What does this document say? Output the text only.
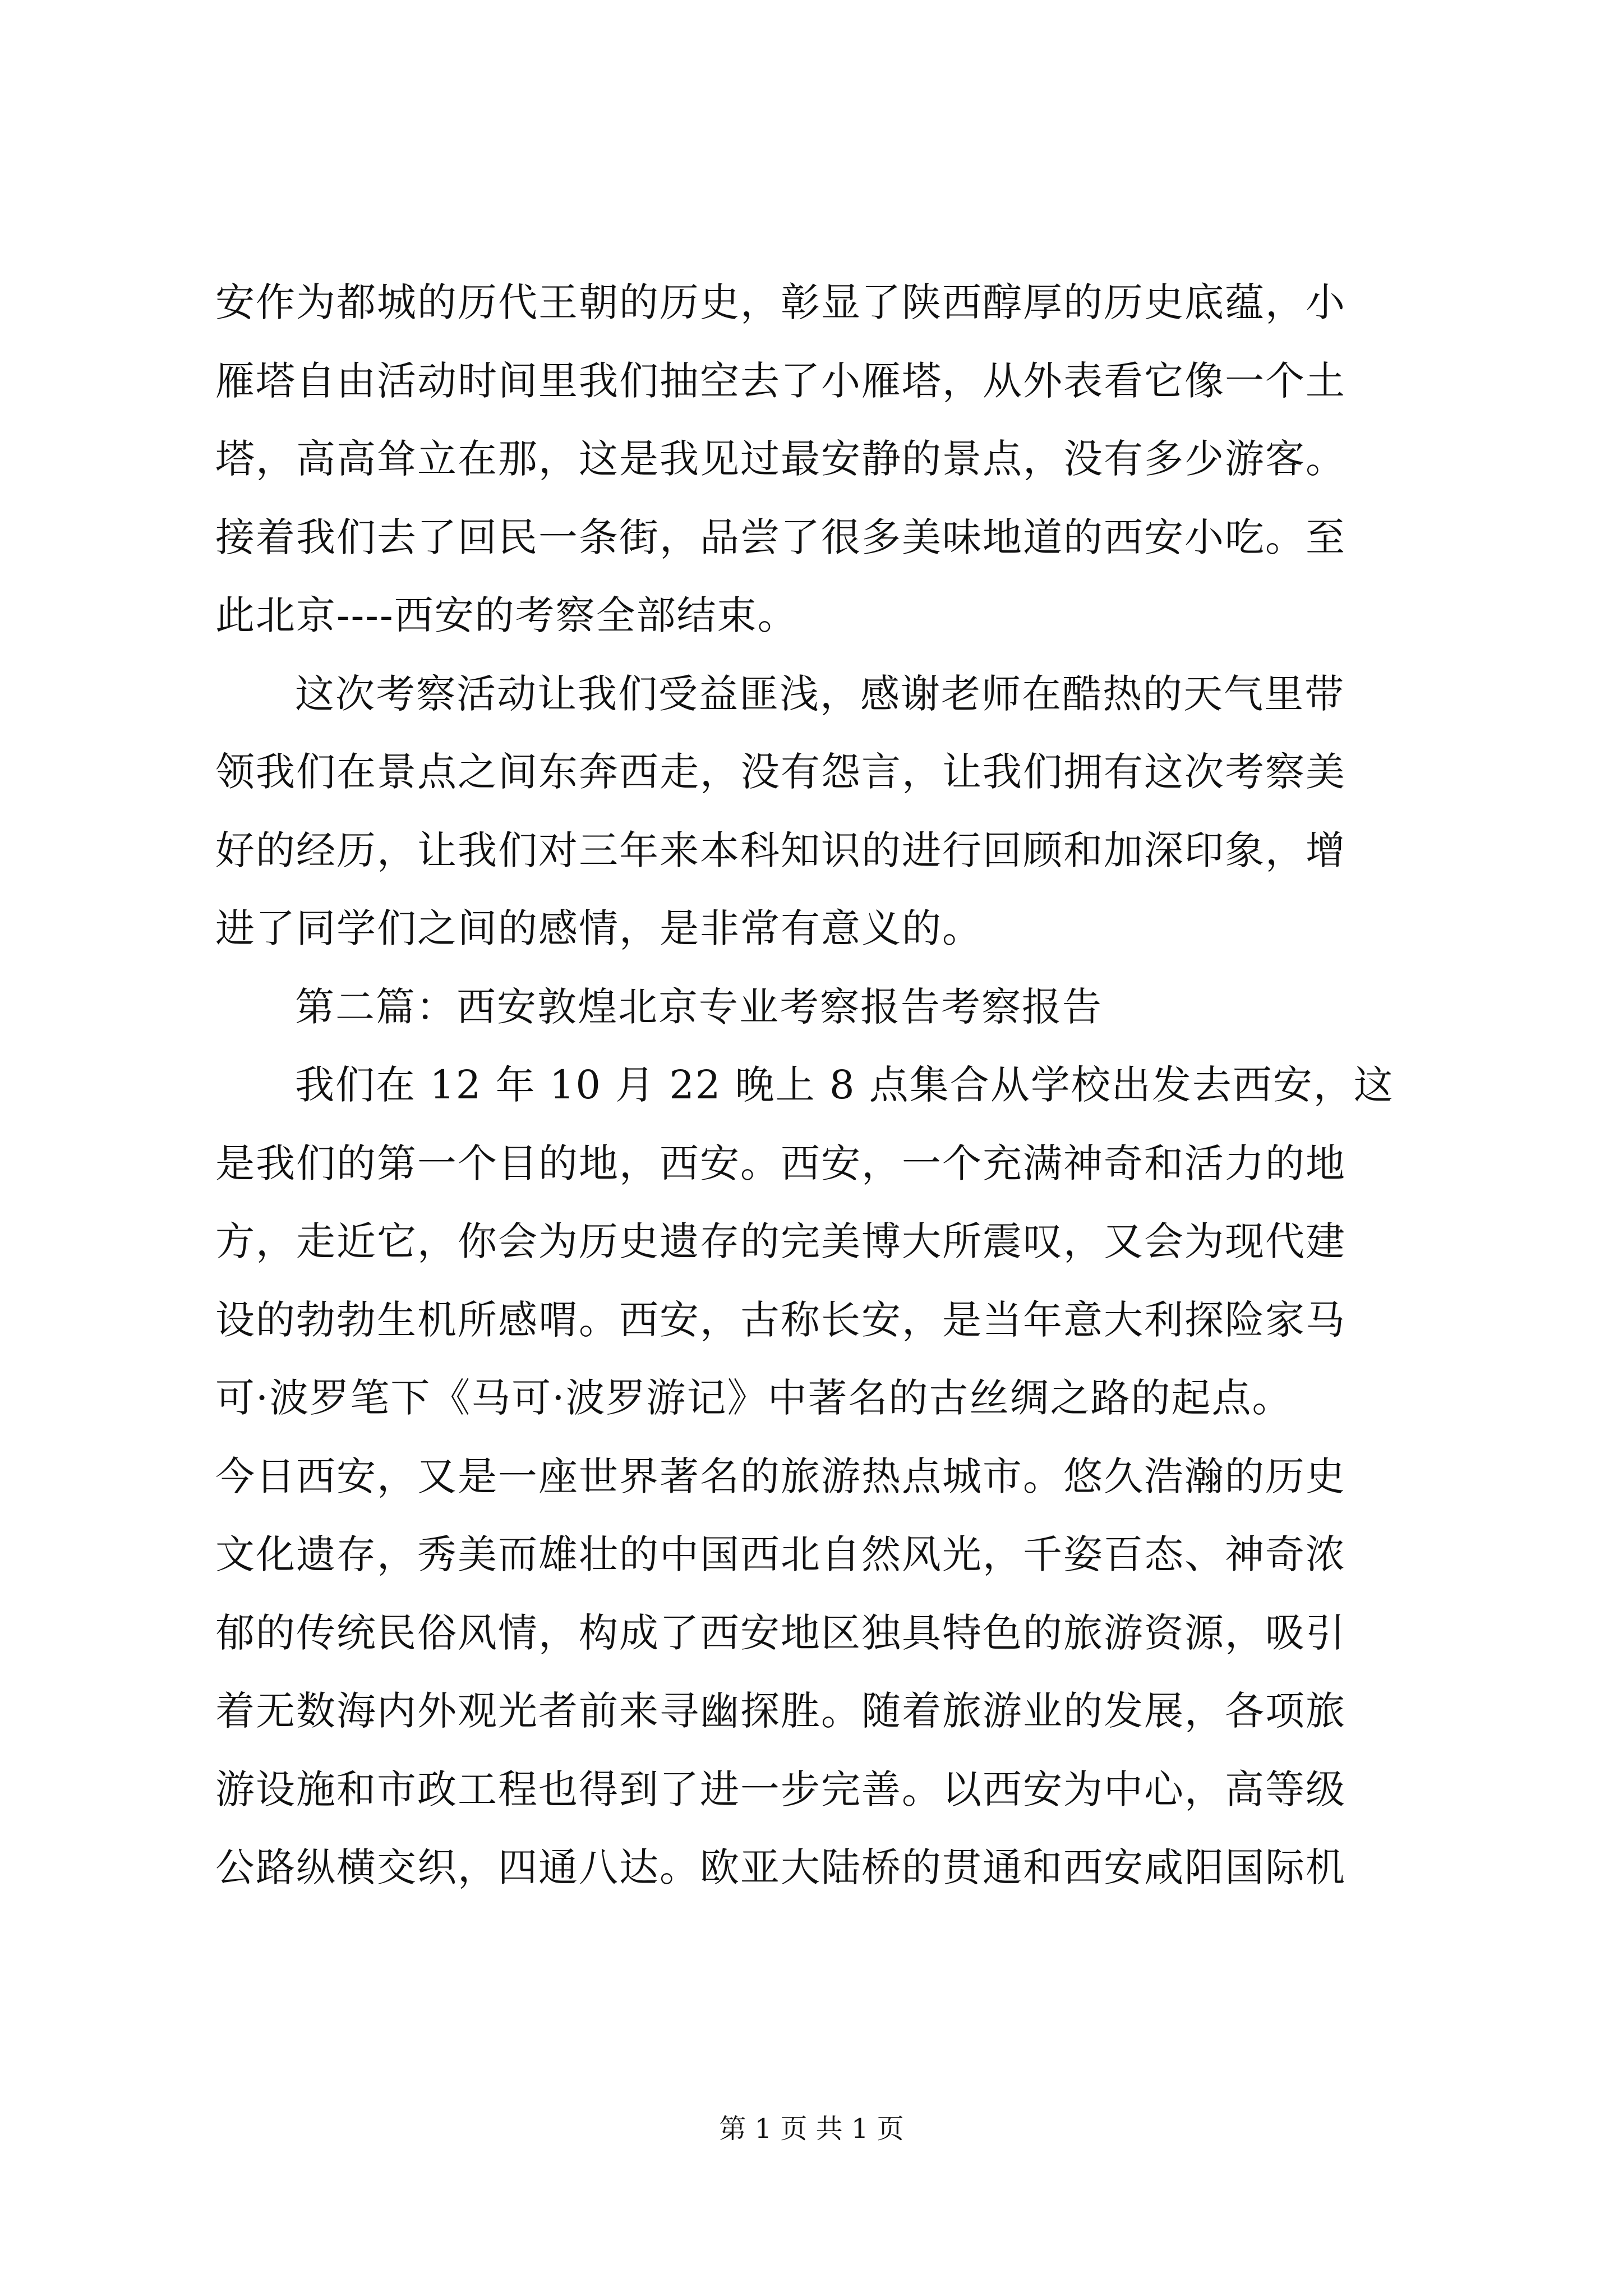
安作为都城的历代王朝的历史，彰显了陕西醇厚的历史底蕴，小
雁塔自由活动时间里我们抽空去了小雁塔，从外表看它像一个土
塔，高高耸立在那，这是我见过最安静的景点，没有多少游客。
接着我们去了回民一条街，品尝了很多美味地道的西安小吃。至
此北京----西安的考察全部结束。
这次考察活动让我们受益匪浅，感谢老师在酷热的天气里带
领我们在景点之间东奔西走，没有怨言，让我们拥有这次考察美
好的经历，让我们对三年来本科知识的进行回顾和加深印象，增
进了同学们之间的感情，是非常有意义的。
第二篇：西安敦煌北京专业考察报告考察报告
我们在 12 年 10 月 22 晚上 8 点集合从学校出发去西安，这
是我们的第一个目的地，西安。西安，一个充满神奇和活力的地
方，走近它，你会为历史遗存的完美博大所震叹，又会为现代建
设的勃勃生机所感喟。西安，古称长安，是当年意大利探险家马
可·波罗笔下《马可·波罗游记》中著名的古丝绸之路的起点。
今日西安，又是一座世界著名的旅游热点城市。悠久浩瀚的历史
文化遗存，秀美而雄壮的中国西北自然风光，千姿百态、神奇浓
郁的传统民俗风情，构成了西安地区独具特色的旅游资源，吸引
着无数海内外观光者前来寻幽探胜。随着旅游业的发展，各项旅
游设施和市政工程也得到了进一步完善。以西安为中心，高等级
公路纵横交织，四通八达。欧亚大陆桥的贯通和西安咸阳国际机
第 1 页 共 1 页
